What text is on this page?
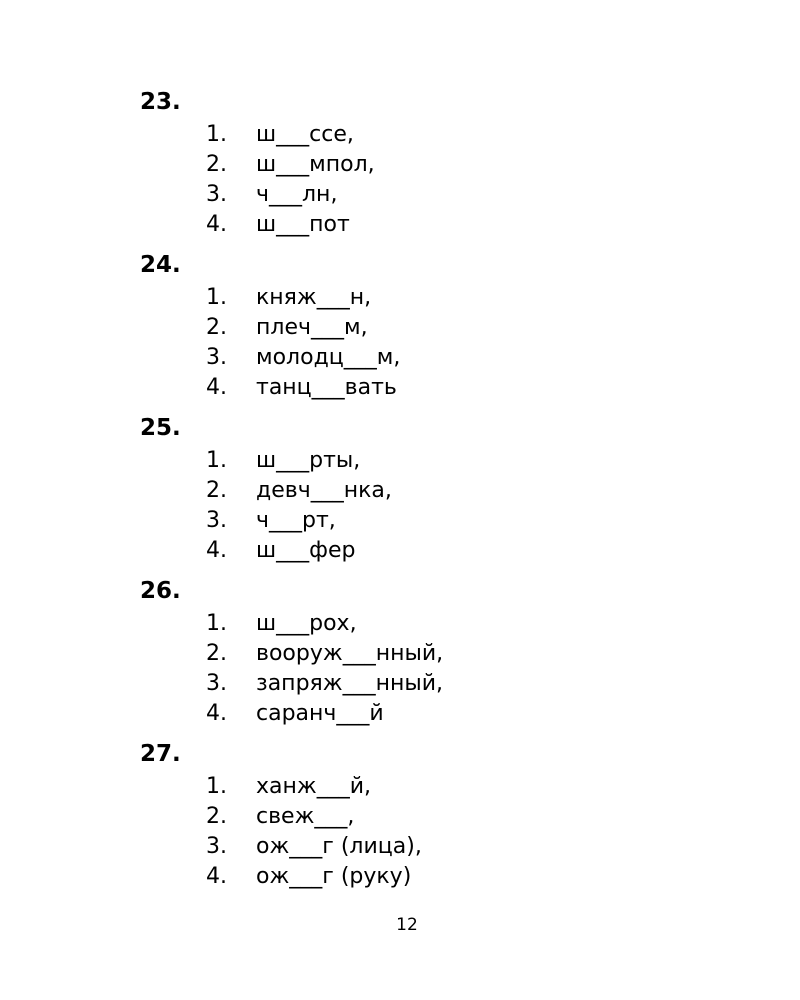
23.
1. ш___ссе,
2. ш___мпол,
3. ч___лн,
4. ш___пот
24.
1. княж___н,
2. плеч___м,
3. молодц___м,
4. танц___вать
25.
1. ш___рты,
2. девч___нка,
3. ч___рт,
4. ш___фер
26.
1. ш___рох,
2. вооруж___нный,
3. запряж___нный,
4. саранч___й
27.
1. ханж___й,
2. свеж___,
3. ож___г (лица),
4. ож___г (руку)
12
